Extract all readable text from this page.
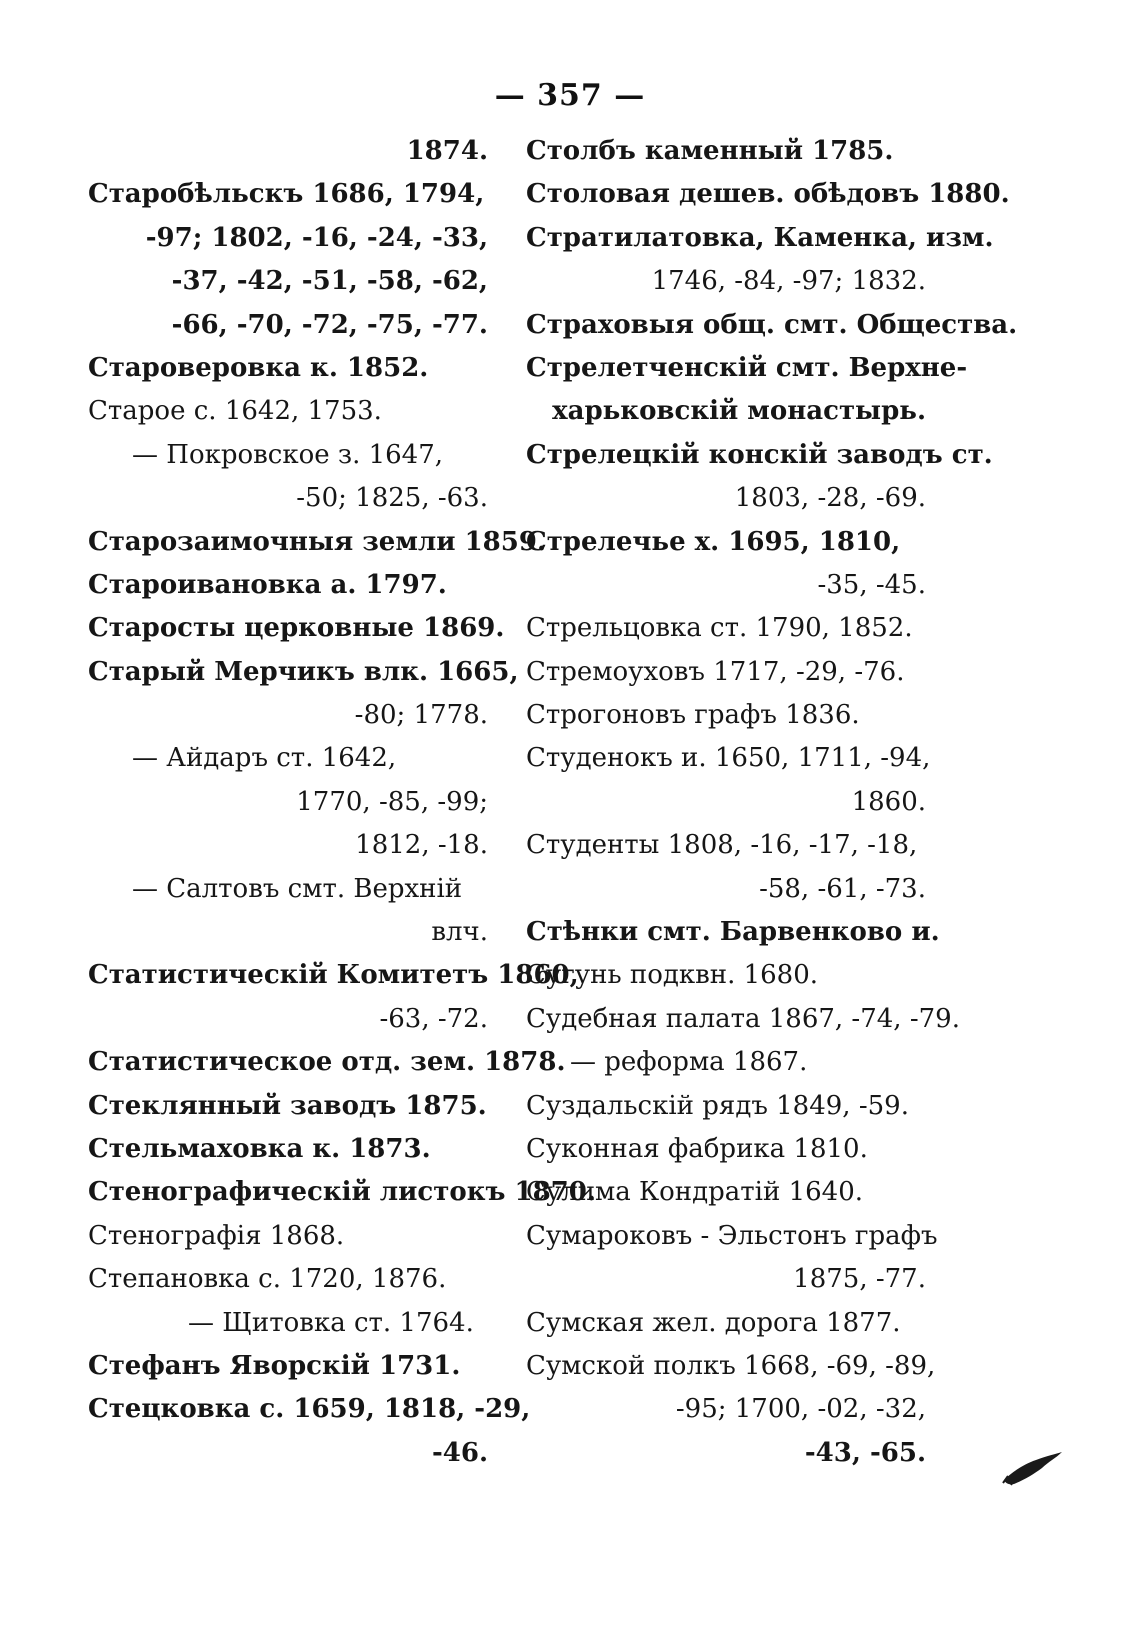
— 357 —
1874.
Старобѣльскъ 1686, 1794,
-97; 1802, -16, -24, -33,
-37, -42, -51, -58, -62,
-66, -70, -72, -75, -77.
Староверовка к. 1852.
Старое с. 1642, 1753.
— Покровское з. 1647,
-50; 1825, -63.
Старозаимочныя земли 1859.
Староивановка а. 1797.
Старосты церковные 1869.
Старый Мерчикъ влк. 1665,
-80; 1778.
— Айдаръ ст. 1642,
1770, -85, -99;
1812, -18.
— Салтовъ смт. Верхній
влч.
Статистическій Комитетъ 1860,
-63, -72.
Статистическое отд. зем. 1878.
Стеклянный заводъ 1875.
Стельмаховка к. 1873.
Стенографическій листокъ 1870.
Стенографія 1868.
Степановка с. 1720, 1876.
— Щитовка ст. 1764.
Стефанъ Яворскій 1731.
Стецковка с. 1659, 1818, -29,
-46.
Столбъ каменный 1785.
Столовая дешев. обѣдовъ 1880.
Стратилатовка, Каменка, изм.
1746, -84, -97; 1832.
Страховыя общ. смт. Общества.
Стрелетченскій смт. Верхне-
харьковскій монастырь.
Стрелецкій конскій заводъ ст.
1803, -28, -69.
Стрелечье х. 1695, 1810,
-35, -45.
Стрельцовка ст. 1790, 1852.
Стремоуховъ 1717, -29, -76.
Строгоновъ графъ 1836.
Студенокъ и. 1650, 1711, -94,
1860.
Студенты 1808, -16, -17, -18,
-58, -61, -73.
Стѣнки смт. Барвенково и.
Сугунь подквн. 1680.
Судебная палата 1867, -74, -79.
— реформа 1867.
Суздальскій рядъ 1849, -59.
Суконная фабрика 1810.
Сулима Кондратій 1640.
Сумароковъ - Эльстонъ графъ
1875, -77.
Сумская жел. дорога 1877.
Сумской полкъ 1668, -69, -89,
-95; 1700, -02, -32,
-43, -65.
